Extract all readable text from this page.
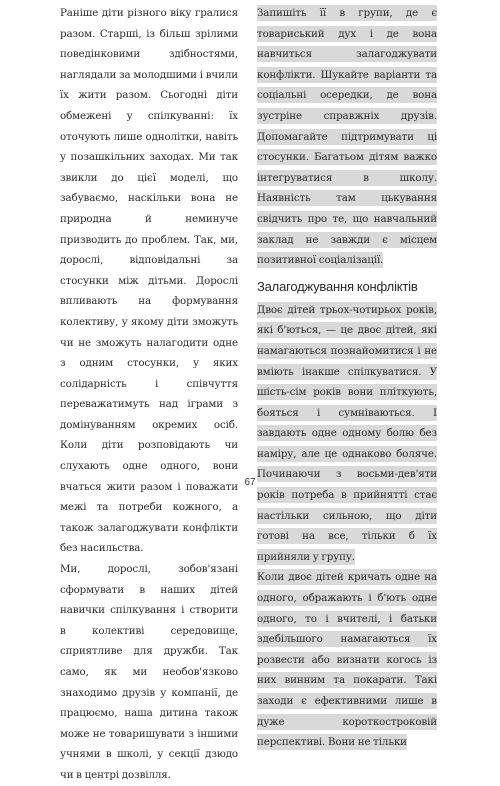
Раніше діти різного віку гралися разом. Старші, із більш зрілими поведінковими здібностями, наглядали за молодшими і вчили їх жити разом. Сьогодні діти обмежені у спілкуванні: їх оточують лише однолітки, навіть у позашкільних заходах. Ми так звикли до цієї моделі, що забуваємо, наскільки вона не природна й неминуче призводить до проблем. Так, ми, дорослі, відповідальні за стосунки між дітьми. Дорослі впливають на формування колективу, у якому діти зможуть чи не зможуть налагодити одне з одним стосунки, у яких солідарність і співчуття переважатимуть над іграми з домінуванням окремих осіб. Коли діти розповідають чи слухають одне одного, вони вчаться жити разом і поважати межі та потреби кожного, а також залагоджувати конфлікти без насильства.

Ми, дорослі, зобов'язані сформувати в наших дітей навички спілкування і створити в колективі середовище, сприятливе для дружби. Так само, як ми необов'язково знаходимо друзів у компанії, де працюємо, наша дитина також може не товаришувати з іншими учнями в школі, у секції дзюдо чи в центрі дозвілля.

Запишіть її в групи, де є товариський дух і де вона навчиться залагоджувати конфлікти. Шукайте варіанти та соціальні осередки, де вона зустріне справжніх друзів. Допомагайте підтримувати ці стосунки. Багатьом дітям важко інтегруватися в школу. Наявність там цькування свідчить про те, що навчальний заклад не завжди є місцем позитивної соціалізації.

Залагоджування конфліктів

Двоє дітей трьох-чотирьох років, які б'ються, — це двоє дітей, які намагаються познайомитися і не вміють інакше спілкуватися. У шість-сім років вони пліткують, бояться і сумніваються. І завдають одне одному болю без наміру, але це однаково боляче. Починаючи з восьми-дев'яти років потреба в прийнятті стає настільки сильною, що діти готові на все, тільки б їх прийняли у групу.

Коли двоє дітей кричать одне на одного, ображають і б'ють одне одного, то і вчителі, і батьки здебільшого намагаються їх розвести або визнати когось із них винним та покарати. Такі заходи є ефективними лише в дуже короткостроковій перспективі. Вони не тільки

67
